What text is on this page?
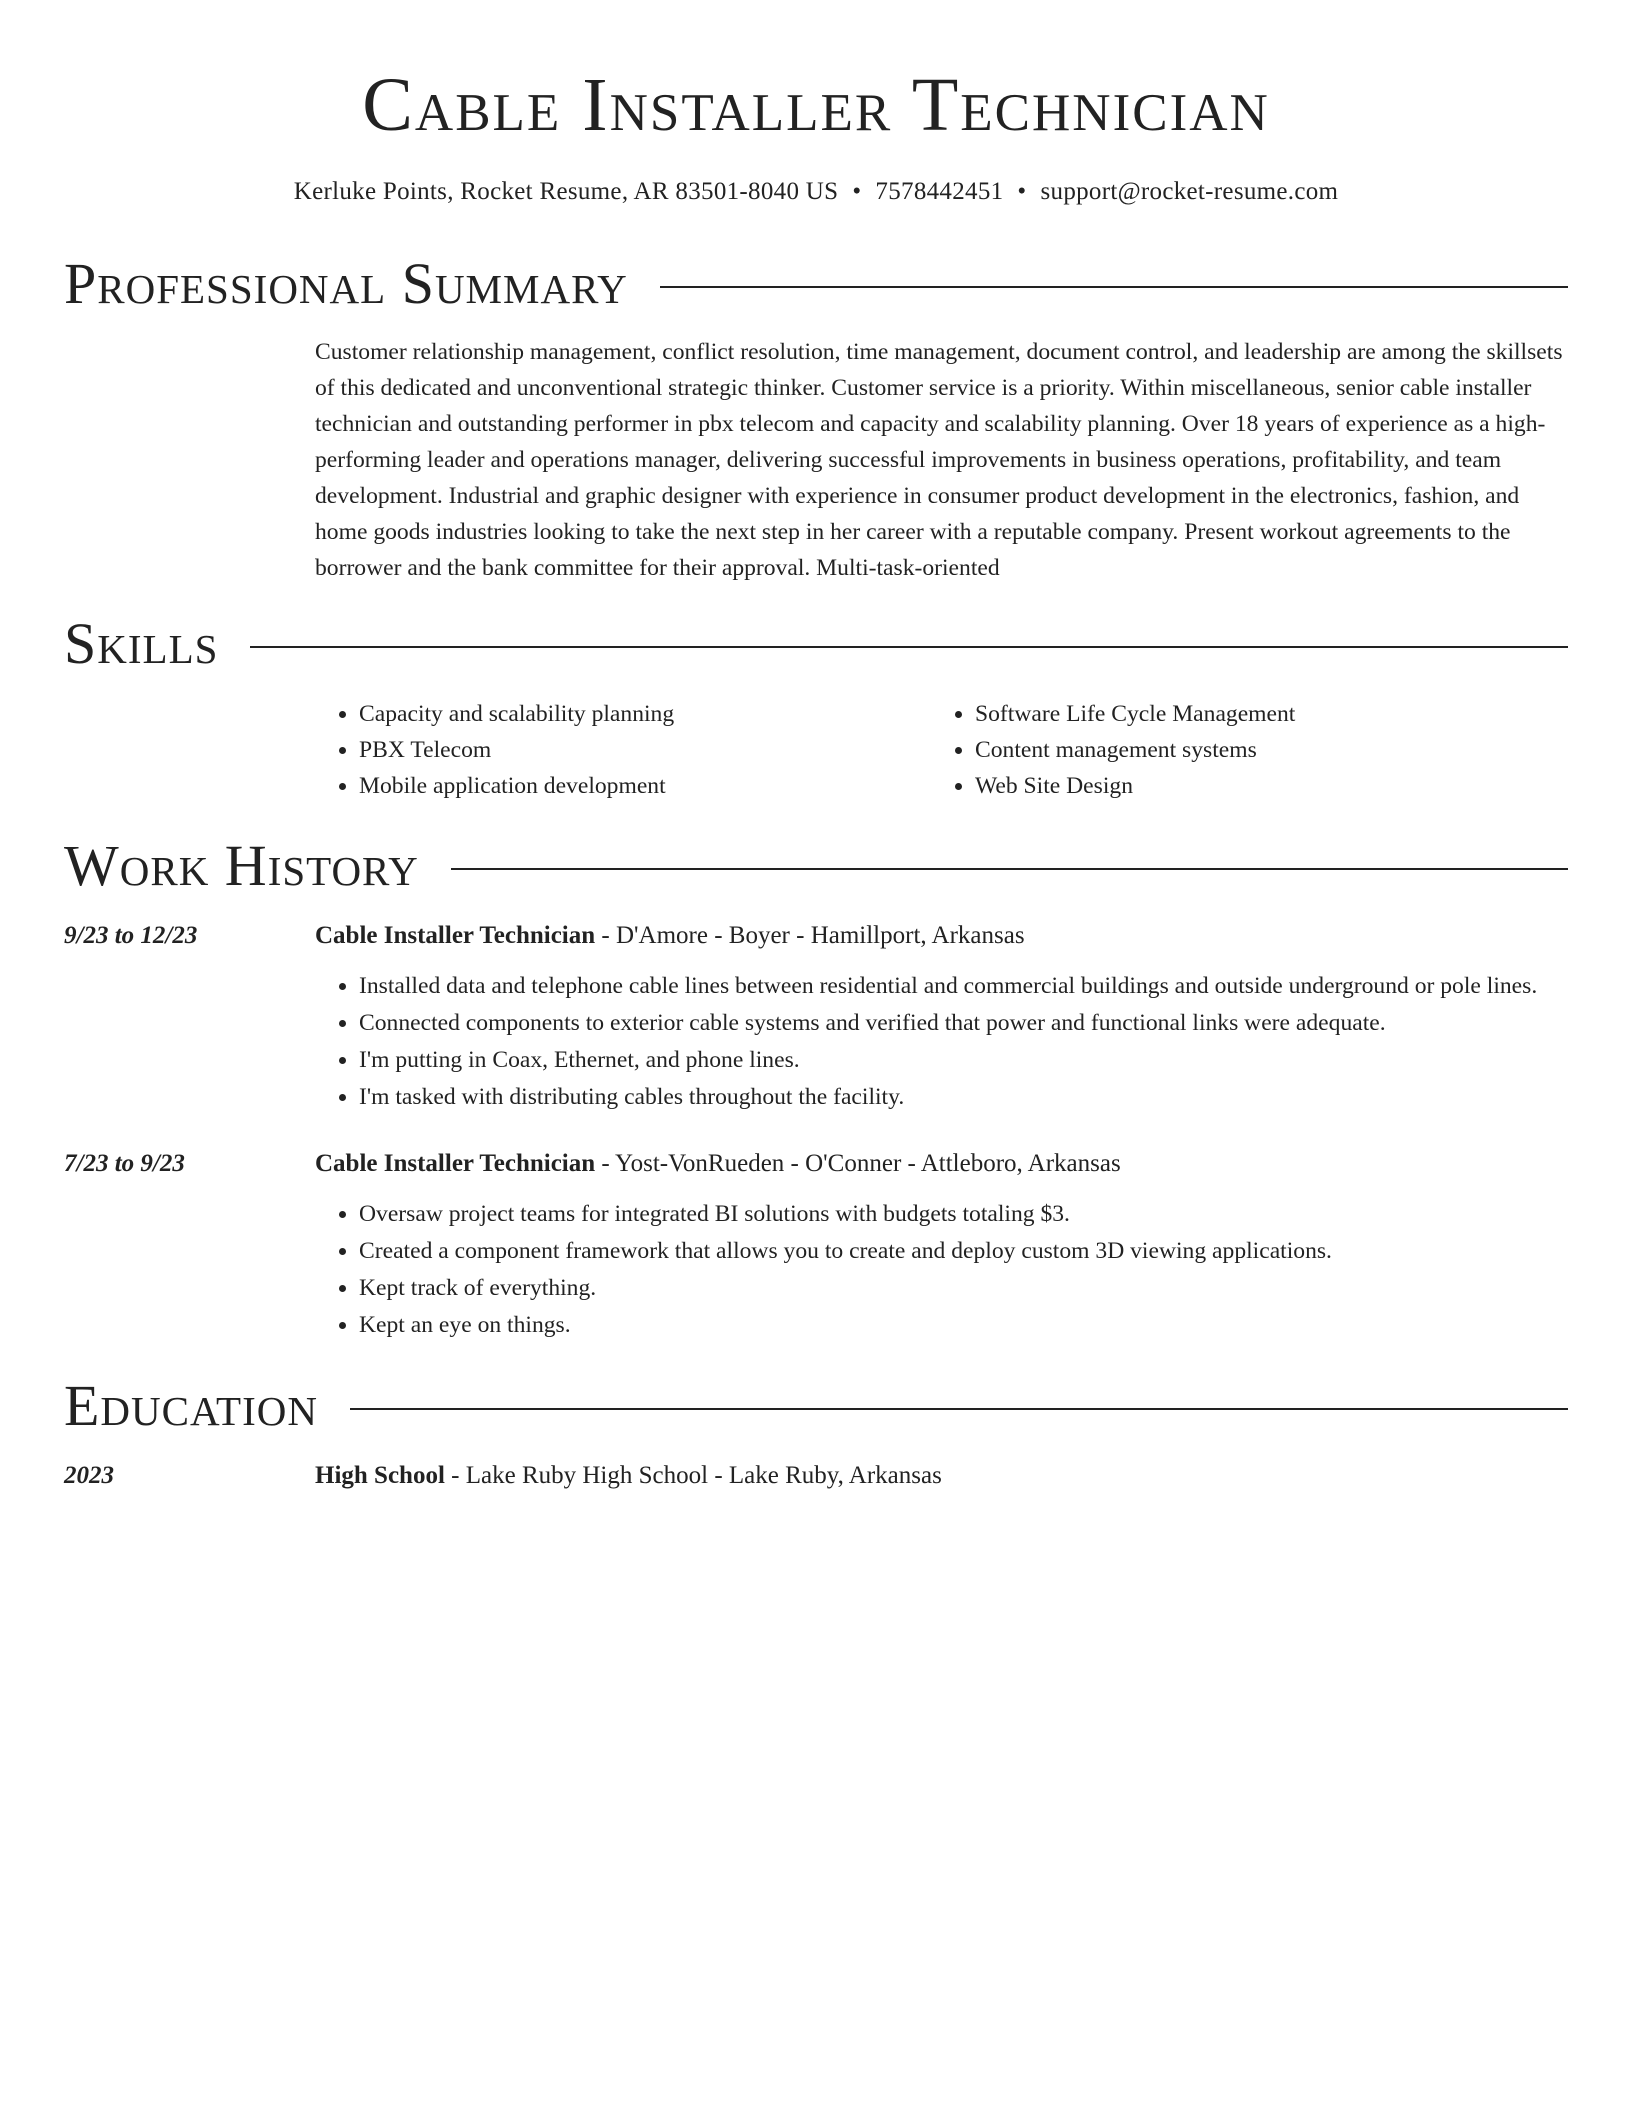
Cable Installer Technician
Kerluke Points, Rocket Resume, AR 83501-8040 US • 7578442451 • support@rocket-resume.com
Professional Summary
Customer relationship management, conflict resolution, time management, document control, and leadership are among the skillsets of this dedicated and unconventional strategic thinker. Customer service is a priority. Within miscellaneous, senior cable installer technician and outstanding performer in pbx telecom and capacity and scalability planning. Over 18 years of experience as a high-performing leader and operations manager, delivering successful improvements in business operations, profitability, and team development. Industrial and graphic designer with experience in consumer product development in the electronics, fashion, and home goods industries looking to take the next step in her career with a reputable company. Present workout agreements to the borrower and the bank committee for their approval. Multi-task-oriented
Skills
• Capacity and scalability planning
• PBX Telecom
• Mobile application development
• Software Life Cycle Management
• Content management systems
• Web Site Design
Work History
9/23 to 12/23	Cable Installer Technician - D'Amore - Boyer - Hamillport, Arkansas
• Installed data and telephone cable lines between residential and commercial buildings and outside underground or pole lines.
• Connected components to exterior cable systems and verified that power and functional links were adequate.
• I'm putting in Coax, Ethernet, and phone lines.
• I'm tasked with distributing cables throughout the facility.
7/23 to 9/23	Cable Installer Technician - Yost-VonRueden - O'Conner - Attleboro, Arkansas
• Oversaw project teams for integrated BI solutions with budgets totaling $3.
• Created a component framework that allows you to create and deploy custom 3D viewing applications.
• Kept track of everything.
• Kept an eye on things.
Education
2023	High School - Lake Ruby High School - Lake Ruby, Arkansas
